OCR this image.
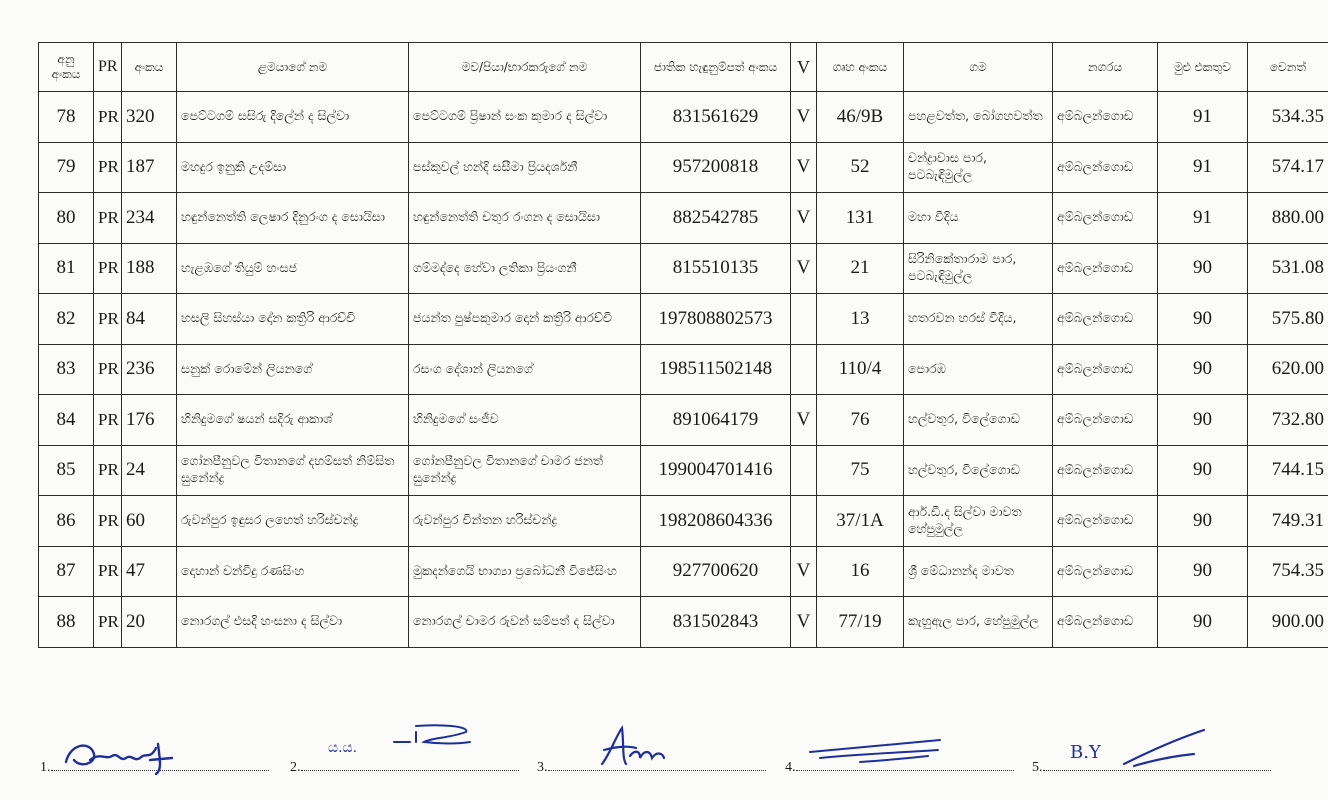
අනු අංකය	PR	අංකය	ළමයාගේ නම	මව/පියා/භාරකරුගේ නම	ජාතික හැඳුනුම්පත් අංකය	V	ගෘහ අංකය	ගම	නගරය	මුළු එකතුව	වෙනත්
78	PR	320	පෙට්ටගම් සසිරු දිලේන් ද සිල්වා	පෙට්ටගම් ප්‍රිෂාන් සංක කුමාර ද සිල්වා	831561629	V	46/9B	පහළවත්ත, බෝගහවත්ත	අම්බලන්ගොඩ	91	534.35
79	PR	187	මහදුර ඉනුකි උදම්සා	පස්කුවල් හන්දි සසීමා ප්‍රියදර්ශනී	957200818	V	52	චන්ද්‍රාවාස පාර, පටබැඳිමුල්ල	අම්බලන්ගොඩ	91	574.17
80	PR	234	හඳුන්නෙත්ති ලෙෂාර දිනුරංග ද සොයිසා	හඳුන්නෙත්ති චතුර රංගන ද සොයිසා	882542785	V	131	මහා වීදිය	අම්බලන්ගොඩ	91	880.00
81	PR	188	හැළඹගේ තියුම් හංසජ	ගම්මද්දෙ හේවා ලතිකා ප්‍රියංගනී	815510135	V	21	සිරිනිකේතාරාම පාර, පටබැඳිමුල්ල	අම්බලන්ගොඩ	90	531.08
82	PR	84	හසලි සිහස්යා දෝන කත්‍රිරි ආරච්චි	ජයන්ත පුෂ්පකුමාර දොන් කත්‍රිරි ආරච්චි	197808802573		13	හතරවන හරස් වීදිය,	අම්බලන්ගොඩ	90	575.80
83	PR	236	සනුක් රොමේන් ලියනගේ	රසංග දේශාන් ලියනගේ	198511502148		110/4	පොරඹ	අම්බලන්ගොඩ	90	620.00
84	PR	176	හිනිදුමගේ ෂයන් සදිරු ආකාශ්	හිනිදුමගේ සංජීව	891064179	V	76	හල්වතුර, විලේගොඩ	අම්බලන්ගොඩ	90	732.80
85	PR	24	ගෝනපීනුවල විතානගේ දහම්සත් නිම්සිත සුනේන්ද්‍ර	ගෝනපීනුවල විතානගේ චාමර ජනත් සුනේන්ද්‍ර	199004701416		75	හල්වතුර, විලේගොඩ	අම්බලන්ගොඩ	90	744.15
86	PR	60	රුවන්පුර ඉඳුසර ලහෙත් හරිස්චන්ද්‍ර	රුවන්පුර චින්තන හරිස්චන්ද්‍ර	198208604336		37/1A	ආර්.ඩී.ද සිල්වා මාවත හේපුමුල්ල	අම්බලන්ගොඩ	90	749.31
87	PR	47	දොහාන් චන්විදු රණසිංහ	මුකදන්ගෙයි භාග්‍යා ප්‍රබෝධනී විජේසිංහ	927700620	V	16	ශ්‍රී මේධානන්ද මාවත	අම්බලන්ගොඩ	90	754.35
88	PR	20	නොරගල් එසදි හංසනා ද සිල්වා	නොරගල් චාමර රුවන් සම්පත් ද සිල්වා	831502843	V	77/19	කැහුඇල පාර, හේපුමුල්ල	අම්බලන්ගොඩ	90	900.00
1.	2.	3.	4.	5.
ය.ය.	B.Y
